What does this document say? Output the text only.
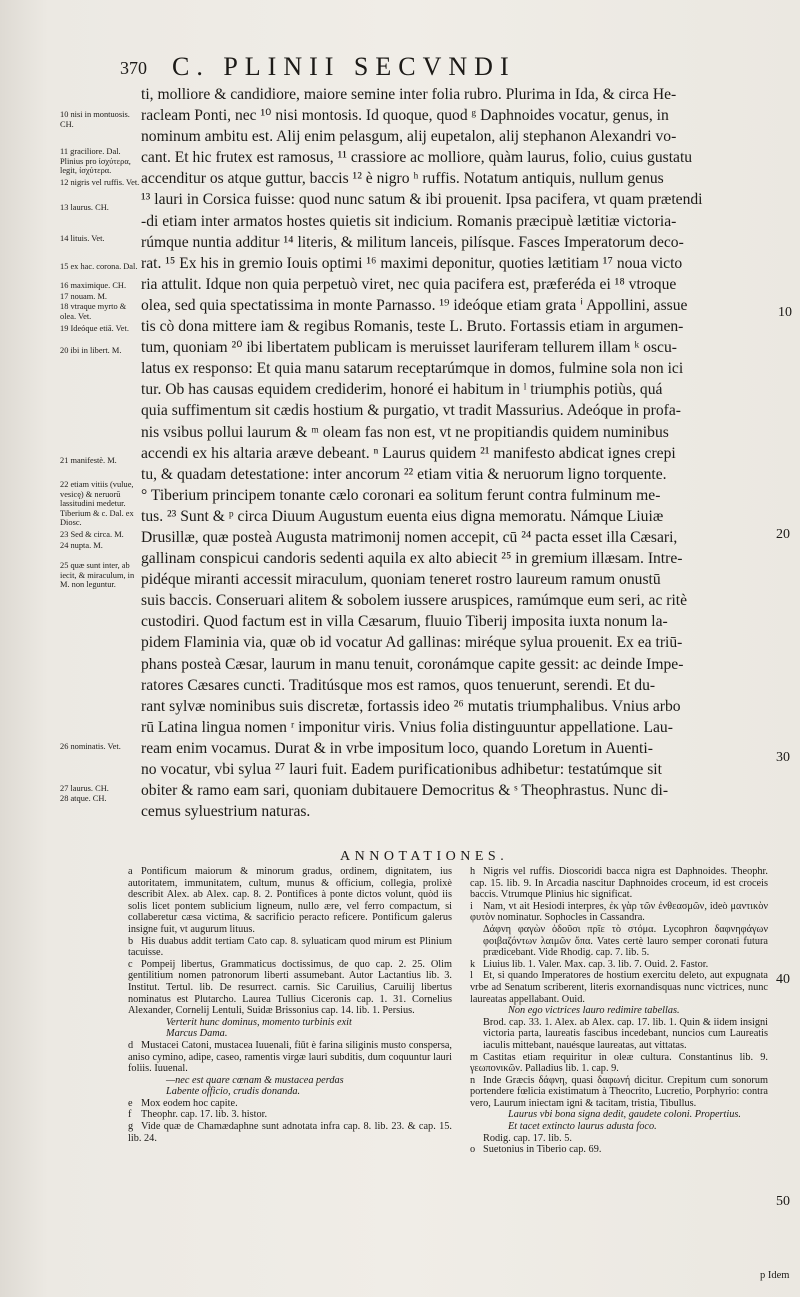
370 C. PLINII SECVNDI
10 nisi in montuosis. CH.
11 graciliore. Dal. Plinius pro ἰσχύτερα, legit, ἰσχύτερα.
12 nigris vel ruffis. Vet.
13 laurus. CH.
14 lituis. Vet.
15 ex hac. corona. Dal.
16 maximique. CH.
17 nouam. M.
18 vtraque myrto & olea. Vet.
19 Ideóque etiā. Vet.
20 ibi in libert. M.
21 manifestè. M.
22 etiam vitiis (vulue, vesicę) & neruorū lassitudini medetur. Tiberium & c. Dal. ex Diosc.
23 Sed & circa. M.
24 nupta. M.
25 quæ sunt inter, ab iecit, & miraculum, in M. non leguntur.
26 nominatis. Vet.
27 laurus. CH.
28 atque. CH.

ti, molliore & candidiore, maiore semine inter folia rubro. Plurima in Ida, & circa He-

racleam Ponti, nec ¹⁰ nisi montosis. Id quoque, quod ᵍ Daphnoides vocatur, genus, in

nominum ambitu est. Alij enim pelasgum, alij eupetalon, alij stephanon Alexandri vo-

cant. Et hic frutex est ramosus, ¹¹ crassiore ac molliore, quàm laurus, folio, cuius gustatu

accenditur os atque guttur, baccis ¹² è nigro ʰ ruffis. Notatum antiquis, nullum genus

¹³ lauri in Corsica fuisse: quod nunc satum & ibi prouenit. Ipsa pacifera, vt quam prætendi

-di etiam inter armatos hostes quietis sit indicium. Romanis præcipuè lætitiæ victoria-

rúmque nuntia additur ¹⁴ literis, & militum lanceis, pilísque. Fasces Imperatorum deco-

rat. ¹⁵ Ex his in gremio Iouis optimi ¹⁶ maximi deponitur, quoties lætitiam ¹⁷ noua victo

ria attulit. Idque non quia perpetuò viret, nec quia pacifera est, præferéda ei ¹⁸ vtroque

olea, sed quia spectatissima in monte Parnasso. ¹⁹ ideóque etiam grata ⁱ Appollini, assue

tis cò dona mittere iam & regibus Romanis, teste L. Bruto. Fortassis etiam in argumen-

tum, quoniam ²⁰ ibi libertatem publicam is meruisset lauriferam tellurem illam ᵏ oscu-

latus ex responso: Et quia manu satarum receptarúmque in domos, fulmine sola non ici

tur. Ob has causas equidem crediderim, honoré ei habitum in ˡ triumphis potiùs, quá

quia suffimentum sit cædis hostium & purgatio, vt tradit Massurius. Adeóque in profa-

nis vsibus pollui laurum & ᵐ oleam fas non est, vt ne propitiandis quidem numinibus

accendi ex his altaria aræve debeant. ⁿ Laurus quidem ²¹ manifesto abdicat ignes crepi

tu, & quadam detestatione: inter ancorum ²² etiam vitia & neruorum ligno torquente.

° Tiberium principem tonante cælo coronari ea solitum ferunt contra fulminum me-

tus. ²³ Sunt & ᵖ circa Diuum Augustum euenta eius digna memoratu. Námque Liuiæ

Drusillæ, quæ posteà Augusta matrimonij nomen accepit, cū ²⁴ pacta esset illa Cæsari,

gallinam conspicui candoris sedenti aquila ex alto abiecit ²⁵ in gremium illæsam. Intre-

pidéque miranti accessit miraculum, quoniam teneret rostro laureum ramum onustū

suis baccis. Conseruari alitem & sobolem iussere aruspices, ramúmque eum seri, ac ritè

custodiri. Quod factum est in villa Cæsarum, fluuio Tiberij imposita iuxta nonum la-

pidem Flaminia via, quæ ob id vocatur Ad gallinas: miréque sylua prouenit. Ex ea triū-

phans posteà Cæsar, laurum in manu tenuit, coronámque capite gessit: ac deinde Impe-

ratores Cæsares cuncti. Traditúsque mos est ramos, quos tenuerunt, serendi. Et du-

rant sylvæ nominibus suis discretæ, fortassis ideo ²⁶ mutatis triumphalibus. Vnius arbo

rū Latina lingua nomen ʳ imponitur viris. Vnius folia distinguuntur appellatione. Lau-

ream enim vocamus. Durat & in vrbe impositum loco, quando Loretum in Auenti-

no vocatur, vbi sylua ²⁷ lauri fuit. Eadem purificationibus adhibetur: testatúmque sit

obiter & ramo eam sari, quoniam dubitauere Democritus & ˢ Theophrastus. Nunc di-

cemus syluestrium naturas.

10
20
30
40
50
ANNOTATIONES.

a Pontificum maiorum & minorum gradus, ordinem, dignitatem, ius autoritatem, immunitatem, cultum, munus & officium, collegia, prolixè describit Alex. ab Alex. cap. 8. 2. Pontifices à ponte dictos volunt, quòd iis solis licet pontem sublicium ligneum, nullo ære, vel ferro compactum, si collaberetur cæsa victima, & sacrificio peracto reficere. Pontificum galerus insigne fuit, vt augurum lituus.

b His duabus addit tertiam Cato cap. 8. syluaticam quod mirum est Plinium tacuisse.

c Pompeij libertus, Grammaticus doctissimus, de quo cap. 2. 25. Olim gentilitium nomen patronorum liberti assumebant. Autor Lactantius lib. 3. Institut. Tertul. lib. De resurrect. carnis. Sic Caruilius, Caruilij libertus nominatus est Plutarcho. Laurea Tullius Ciceronis cap. 1. 31. Cornelius Alexander, Cornelij Lentuli, Suidæ Brissonius cap. 14. lib. 1. Persius.

Verterit hunc dominus, momento turbinis exit

Marcus Dama.

d Mustacei Catoni, mustacea Iuuenali, fiūt è farina siliginis musto conspersa, aniso cymino, adipe, caseo, ramentis virgæ lauri subditis, dum coquuntur lauri foliis. Iuuenal.

—nec est quare cœnam & mustacea perdas

Labente officio, crudis donanda.

e Mox eodem hoc capite.

f Theophr. cap. 17. lib. 3. histor.

g Vide quæ de Chamædaphne sunt adnotata infra cap. 8. lib. 23. & cap. 15. lib. 24.

h Nigris vel ruffis. Dioscoridi bacca nigra est Daphnoides. Theophr. cap. 15. lib. 9. In Arcadia nascitur Daphnoides croceum, id est croceis baccis. Vtrumque Plinius hic significat.

i Nam, vt ait Hesiodi interpres, ἐκ γὰρ τῶν ἐνθεασμῶν, ideò μαντικὸν φυτὸν nominatur. Sophocles in Cassandra.

Δάφνη φαγὼν ὀδοῦσι πρῖε τὸ στόμα. Lycophron δαφνηφάγων φοιβαζόντων λαιμῶν ὄπα. Vates certè lauro semper coronati futura prædicebant. Vide Rhodig. cap. 7. lib. 5.

k Liuius lib. 1. Valer. Max. cap. 3. lib. 7. Ouid. 2. Fastor.

l Et, si quando Imperatores de hostium exercitu deleto, aut expugnata vrbe ad Senatum scriberent, literis exornandisquas nunc victrices, nunc laureatas appellabant. Ouid.

Non ego victrices lauro redimire tabellas.

Brod. cap. 33. 1. Alex. ab Alex. cap. 17. lib. 1. Quin & iidem insigni victoria parta, laureatis fascibus incedebant, nuncios cum Laureatis iaculis mittebant, nauésque laureatas, aut vittatas.

m Castitas etiam requiritur in oleæ cultura. Constantinus lib. 9. γεωπονικῶν. Palladius lib. 1. cap. 9.

n Inde Græcis δάφνη, quasi δαφωνή dicitur. Crepitum cum sonorum portendere fœlicia existimatum à Theocrito, Lucretio, Porphyrio: contra vero, Laurum iniectam igni & tacitam, tristia, Tibullus.

Laurus vbi bona signa dedit, gaudete coloni. Propertius.

Et tacet extincto laurus adusta foco.

Rodig. cap. 17. lib. 5.

o Suetonius in Tiberio cap. 69.

p Idem
